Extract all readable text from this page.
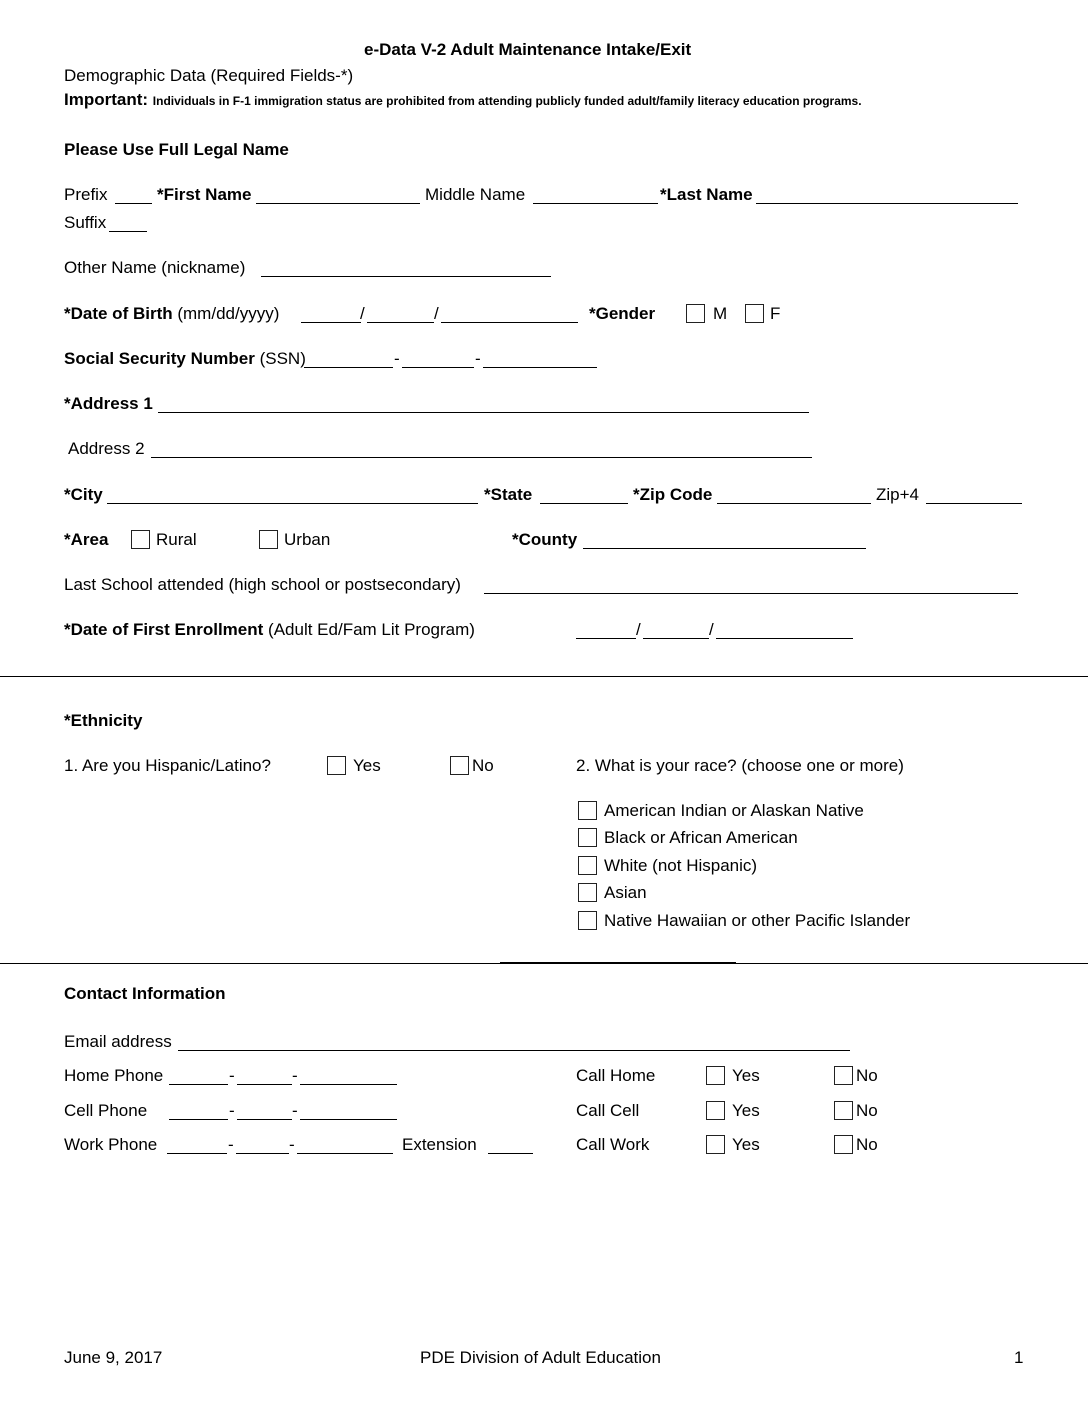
e-Data V-2 Adult Maintenance Intake/Exit
Demographic Data (Required Fields-*)
Important: Individuals in F-1 immigration status are prohibited from attending publicly funded adult/family literacy education programs.
Please Use Full Legal Name
Prefix	*First Name	Middle Name	*Last Name
Suffix
Other Name (nickname)
*Date of Birth (mm/dd/yyyy)	/	/	*Gender	M	F
Social Security Number (SSN)	-	-
*Address 1
Address 2
*City	*State	*Zip Code	Zip+4
*Area	Rural	Urban	*County
Last School attended (high school or postsecondary)
*Date of First Enrollment (Adult Ed/Fam Lit Program)	/	/
*Ethnicity
1. Are you Hispanic/Latino?	Yes	No	2. What is your race? (choose one or more)
American Indian or Alaskan Native
Black or African American
White (not Hispanic)
Asian
Native Hawaiian or other Pacific Islander
Contact Information
Email address
Home Phone	-	-	Call Home	Yes	No
Cell Phone	-	-	Call Cell	Yes	No
Work Phone	-	-	Extension	Call Work	Yes	No
June 9, 2017	PDE Division of Adult Education	1
